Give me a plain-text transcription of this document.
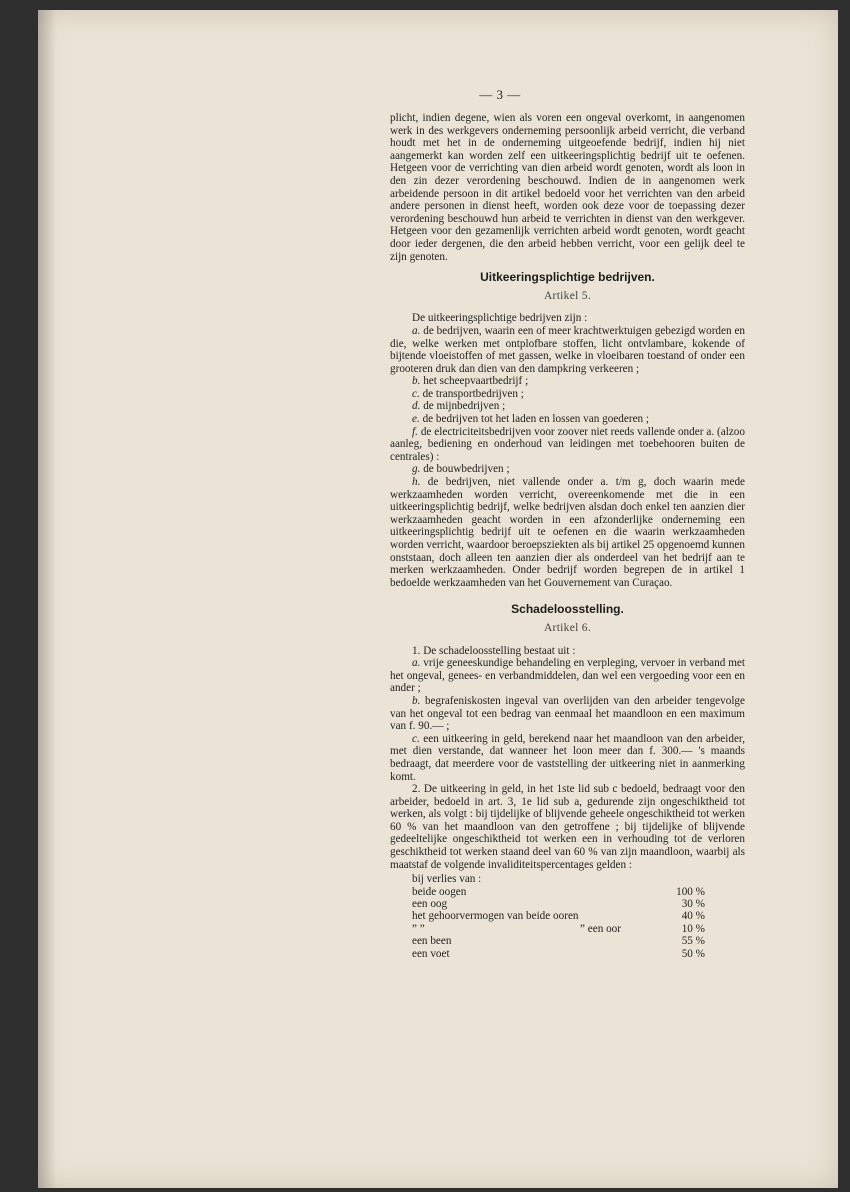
— 3 —

plicht, indien degene, wien als voren een ongeval overkomt, in aangenomen werk in des werkgevers onderneming persoonlijk arbeid verricht, die verband houdt met het in de onderneming uitgeoefende bedrijf, indien hij niet aangemerkt kan worden zelf een uitkeeringsplichtig bedrijf uit te oefenen. Hetgeen voor de verrichting van dien arbeid wordt genoten, wordt als loon in den zin dezer verordening beschouwd. Indien de in aangenomen werk arbeidende persoon in dit artikel bedoeld voor het verrichten van den arbeid andere personen in dienst heeft, worden ook deze voor de toepassing dezer verordening beschouwd hun arbeid te verrichten in dienst van den werkgever. Hetgeen voor den gezamenlijk verrichten arbeid wordt genoten, wordt geacht door ieder dergenen, die den arbeid hebben verricht, voor een gelijk deel te zijn genoten.

Uitkeeringsplichtige bedrijven.
Artikel 5.

De uitkeeringsplichtige bedrijven zijn :

a. de bedrijven, waarin een of meer krachtwerktuigen gebezigd worden en die, welke werken met ontplofbare stoffen, licht ontvlambare, kokende of bijtende vloeistoffen of met gassen, welke in vloeibaren toestand of onder een grooteren druk dan dien van den dampkring verkeeren ;

b. het scheepvaartbedrijf ;

c. de transportbedrijven ;

d. de mijnbedrijven ;

e. de bedrijven tot het laden en lossen van goederen ;

f. de electriciteitsbedrijven voor zoover niet reeds vallende onder a. (alzoo aanleg, bediening en onderhoud van leidingen met toebehooren buiten de centrales) :

g. de bouwbedrijven ;

h. de bedrijven, niet vallende onder a. t/m g, doch waarin mede werkzaamheden worden verricht, overeenkomende met die in een uitkeeringsplichtig bedrijf, welke bedrijven alsdan doch enkel ten aanzien dier werkzaamheden geacht worden in een afzonderlijke onderneming een uitkeeringsplichtig bedrijf uit te oefenen en die waarin werkzaamheden worden verricht, waardoor beroepsziekten als bij artikel 25 opgenoemd kunnen onststaan, doch alleen ten aanzien dier als onderdeel van het bedrijf aan te merken werkzaamheden. Onder bedrijf worden begrepen de in artikel 1 bedoelde werkzaamheden van het Gouvernement van Curaçao.

Schadeloosstelling.
Artikel 6.

1. De schadeloosstelling bestaat uit :

a. vrije geneeskundige behandeling en verpleging, vervoer in verband met het ongeval, genees- en verbandmiddelen, dan wel een vergoeding voor een en ander ;

b. begrafeniskosten ingeval van overlijden van den arbeider tengevolge van het ongeval tot een bedrag van eenmaal het maandloon en een maximum van f. 90.— ;

c. een uitkeering in geld, berekend naar het maandloon van den arbeider, met dien verstande, dat wanneer het loon meer dan f. 300.— 's maands bedraagt, dat meerdere voor de vaststelling der uitkeering niet in aanmerking komt.

2. De uitkeering in geld, in het 1ste lid sub c bedoeld, bedraagt voor den arbeider, bedoeld in art. 3, 1e lid sub a, gedurende zijn ongeschiktheid tot werken, als volgt : bij tijdelijke of blijvende geheele ongeschiktheid tot werken 60 % van het maandloon van den getroffene ; bij tijdelijke of blijvende gedeeltelijke ongeschiktheid tot werken een in verhouding tot de verloren geschiktheid tot werken staand deel van 60 % van zijn maandloon, waarbij als maatstaf de volgende invaliditeitspercentages gelden :

bij verlies van :
beide oogen	100 %
een oog	30 %
het gehoorvermogen van beide ooren	40 %
” ”	” een oor	10 %
een been	55 %
een voet	50 %
